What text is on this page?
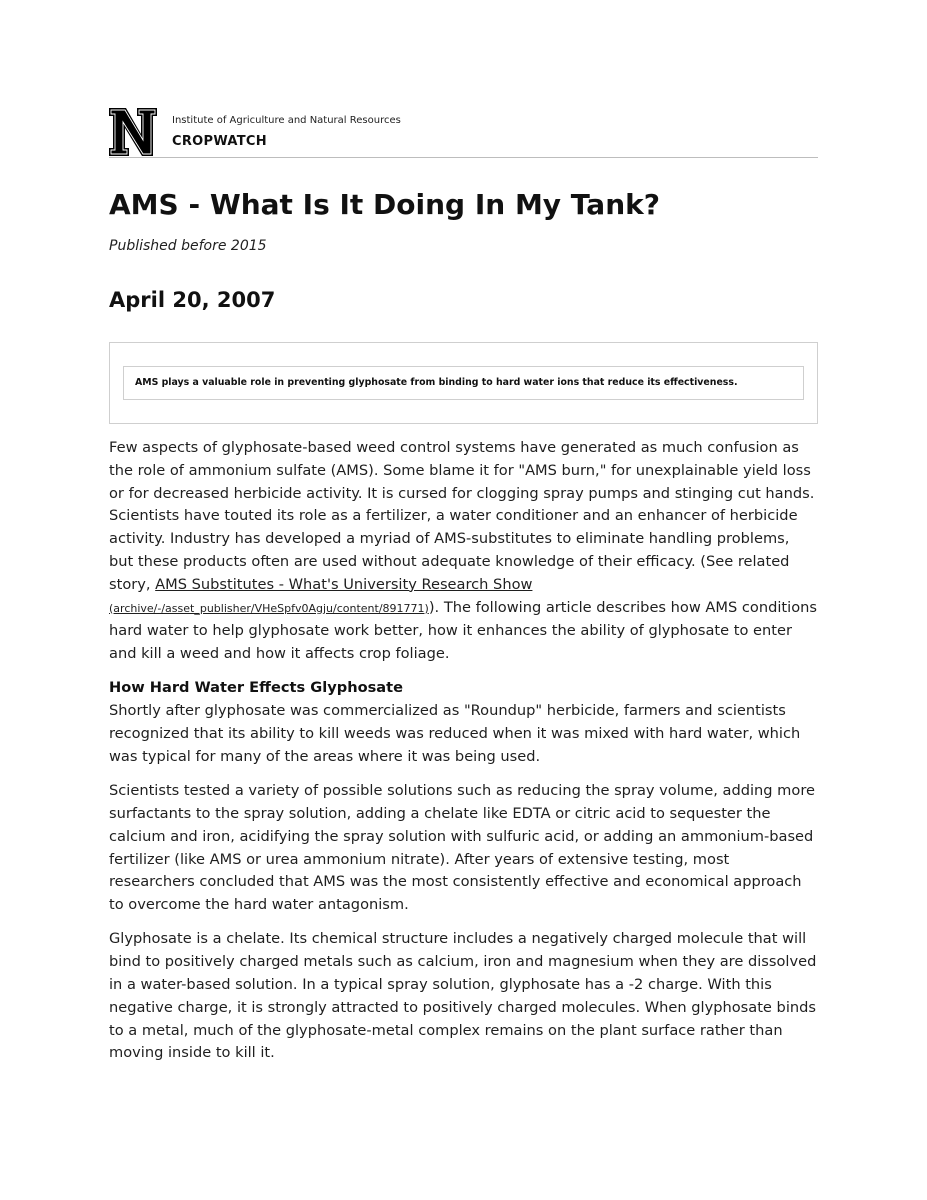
Institute of Agriculture and Natural Resources
CROPWATCH
AMS - What Is It Doing In My Tank?
Published before 2015
April 20, 2007
AMS plays a valuable role in preventing glyphosate from binding to hard water ions that reduce its effectiveness.

Few aspects of glyphosate-based weed control systems have generated as much confusion as the role of ammonium sulfate (AMS). Some blame it for "AMS burn," for unexplainable yield loss or for decreased herbicide activity. It is cursed for clogging spray pumps and stinging cut hands. Scientists have touted its role as a fertilizer, a water conditioner and an enhancer of herbicide activity. Industry has developed a myriad of AMS-substitutes to eliminate handling problems, but these products often are used without adequate knowledge of their efficacy. (See related story, AMS Substitutes - What's University Research Show
(archive/-/asset_publisher/VHeSpfv0Agju/content/891771)). The following article describes how AMS conditions hard water to help glyphosate work better, how it enhances the ability of glyphosate to enter and kill a weed and how it affects crop foliage.

How Hard Water Effects Glyphosate
Shortly after glyphosate was commercialized as "Roundup" herbicide, farmers and scientists recognized that its ability to kill weeds was reduced when it was mixed with hard water, which was typical for many of the areas where it was being used.

Scientists tested a variety of possible solutions such as reducing the spray volume, adding more surfactants to the spray solution, adding a chelate like EDTA or citric acid to sequester the calcium and iron, acidifying the spray solution with sulfuric acid, or adding an ammonium-based fertilizer (like AMS or urea ammonium nitrate). After years of extensive testing, most researchers concluded that AMS was the most consistently effective and economical approach to overcome the hard water antagonism.

Glyphosate is a chelate. Its chemical structure includes a negatively charged molecule that will bind to positively charged metals such as calcium, iron and magnesium when they are dissolved in a water-based solution. In a typical spray solution, glyphosate has a -2 charge. With this negative charge, it is strongly attracted to positively charged molecules. When glyphosate binds to a metal, much of the glyphosate-metal complex remains on the plant surface rather than moving inside to kill it.
